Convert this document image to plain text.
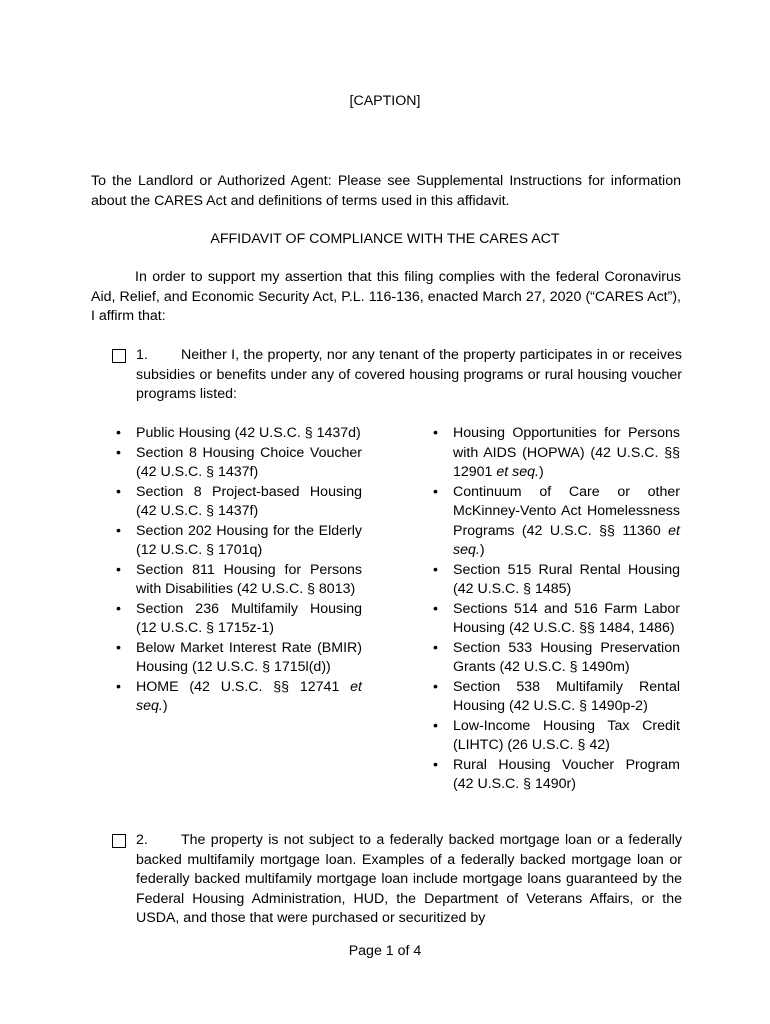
[CAPTION]
To the Landlord or Authorized Agent: Please see Supplemental Instructions for information about the CARES Act and definitions of terms used in this affidavit.
AFFIDAVIT OF COMPLIANCE WITH THE CARES ACT
In order to support my assertion that this filing complies with the federal Coronavirus Aid, Relief, and Economic Security Act, P.L. 116-136, enacted March 27, 2020 (“CARES Act”), I affirm that:
1.	Neither I, the property, nor any tenant of the property participates in or receives subsidies or benefits under any of covered housing programs or rural housing voucher programs listed:
• Public Housing (42 U.S.C. § 1437d)
• Section 8 Housing Choice Voucher (42 U.S.C. § 1437f)
• Section 8 Project-based Housing (42 U.S.C. § 1437f)
• Section 202 Housing for the Elderly (12 U.S.C. § 1701q)
• Section 811 Housing for Persons with Disabilities (42 U.S.C. § 8013)
• Section 236 Multifamily Housing (12 U.S.C. § 1715z-1)
• Below Market Interest Rate (BMIR) Housing (12 U.S.C. § 1715l(d))
• HOME (42 U.S.C. §§ 12741 et seq.)
• Housing Opportunities for Persons with AIDS (HOPWA) (42 U.S.C. §§ 12901 et seq.)
• Continuum of Care or other McKinney-Vento Act Homelessness Programs (42 U.S.C. §§ 11360 et seq.)
• Section 515 Rural Rental Housing (42 U.S.C. § 1485)
• Sections 514 and 516 Farm Labor Housing (42 U.S.C. §§ 1484, 1486)
• Section 533 Housing Preservation Grants (42 U.S.C. § 1490m)
• Section 538 Multifamily Rental Housing (42 U.S.C. § 1490p-2)
• Low-Income Housing Tax Credit (LIHTC) (26 U.S.C. § 42)
• Rural Housing Voucher Program (42 U.S.C. § 1490r)
2.	The property is not subject to a federally backed mortgage loan or a federally backed multifamily mortgage loan. Examples of a federally backed mortgage loan or federally backed multifamily mortgage loan include mortgage loans guaranteed by the Federal Housing Administration, HUD, the Department of Veterans Affairs, or the USDA, and those that were purchased or securitized by
Page 1 of 4
